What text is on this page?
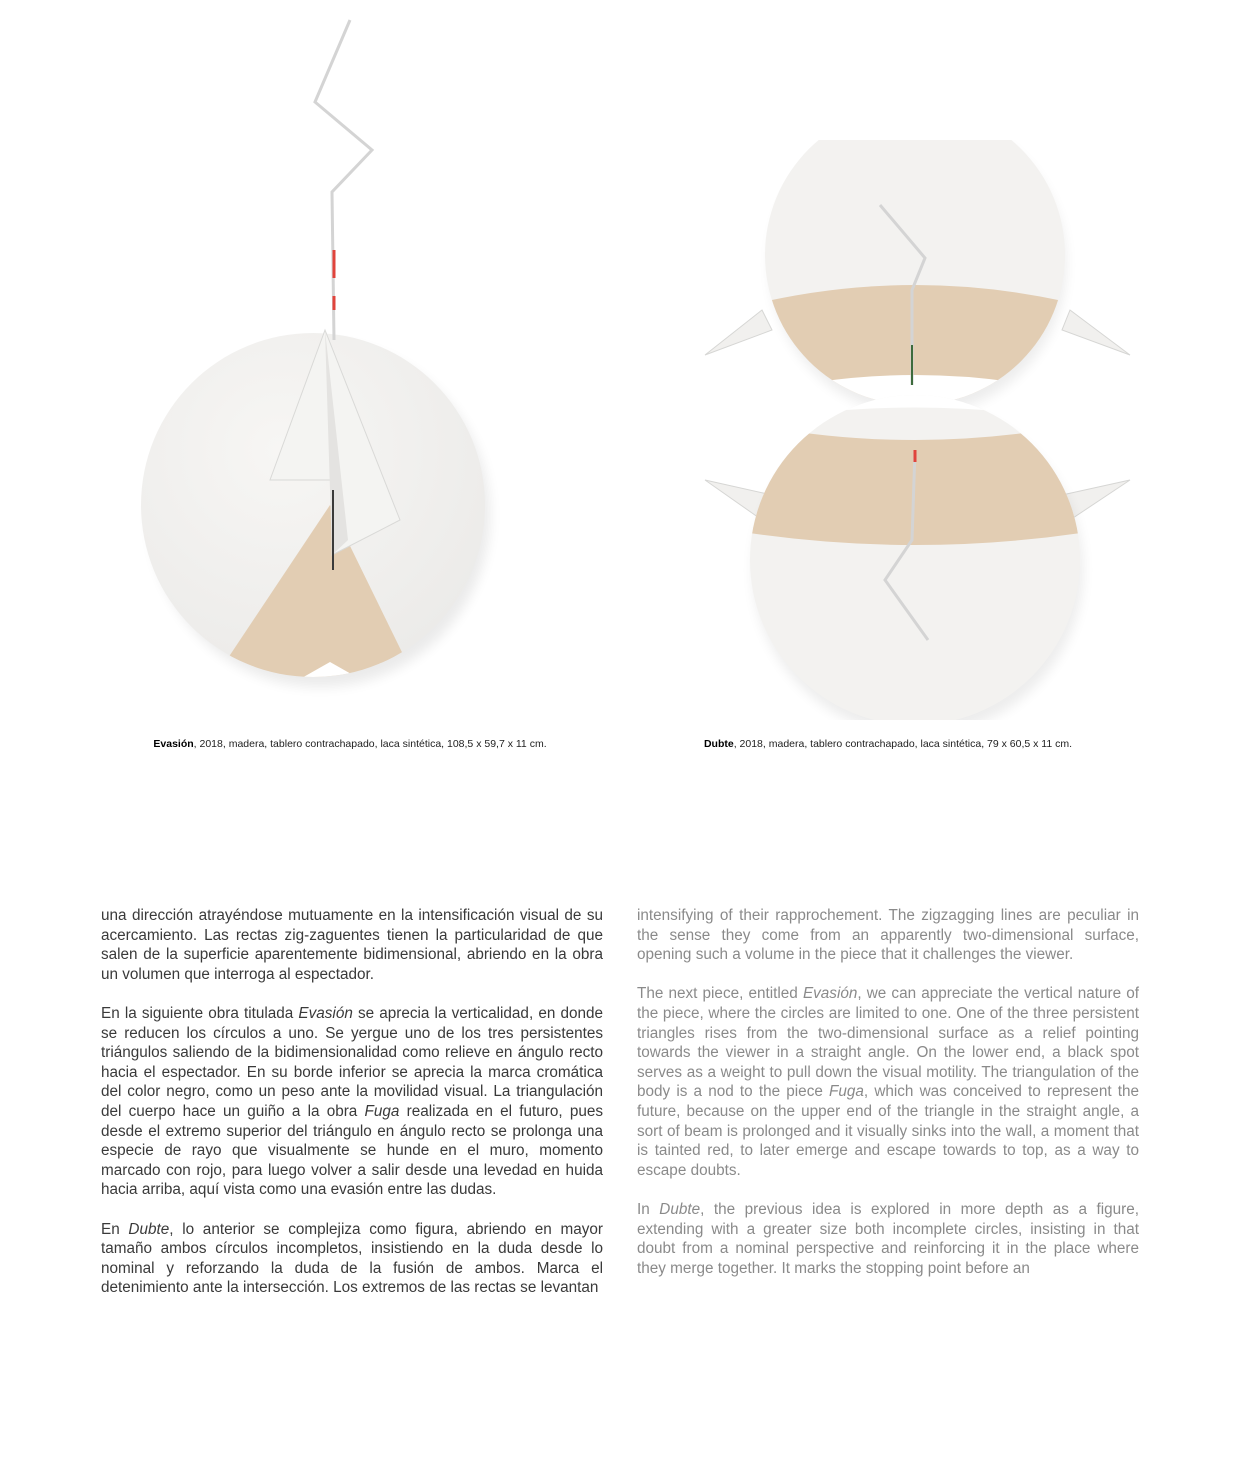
Evasión, 2018, madera, tablero contrachapado, laca sintética, 108,5 x 59,7 x 11 cm.	Dubte, 2018, madera, tablero contrachapado, laca sintética, 79 x 60,5 x 11 cm.

una dirección atrayéndose mutuamente en la intensificación visual de su acercamiento. Las rectas zig-zaguentes tienen la particularidad de que salen de la superficie aparentemente bidimensional, abriendo en la obra un volumen que interroga al espectador.

En la siguiente obra titulada Evasión se aprecia la verticalidad, en donde se reducen los círculos a uno. Se yergue uno de los tres persistentes triángulos saliendo de la bidimensionalidad como relieve en ángulo recto hacia el espectador. En su borde inferior se aprecia la marca cromática del color negro, como un peso ante la movilidad visual. La triangulación del cuerpo hace un guiño a la obra Fuga realizada en el futuro, pues desde el extremo superior del triángulo en ángulo recto se prolonga una especie de rayo que visualmente se hunde en el muro, momento marcado con rojo, para luego volver a salir desde una levedad en huida hacia arriba, aquí vista como una evasión entre las dudas.

En Dubte, lo anterior se complejiza como figura, abriendo en mayor tamaño ambos círculos incompletos, insistiendo en la duda desde lo nominal y reforzando la duda de la fusión de ambos. Marca el detenimiento ante la intersección. Los extremos de las rectas se levantan

intensifying of their rapprochement. The zigzagging lines are peculiar in the sense they come from an apparently two-dimensional surface, opening such a volume in the piece that it challenges the viewer.

The next piece, entitled Evasión, we can appreciate the vertical nature of the piece, where the circles are limited to one. One of the three persistent triangles rises from the two-dimensional surface as a relief pointing towards the viewer in a straight angle. On the lower end, a black spot serves as a weight to pull down the visual motility. The triangulation of the body is a nod to the piece Fuga, which was conceived to represent the future, because on the upper end of the triangle in the straight angle, a sort of beam is prolonged and it visually sinks into the wall, a moment that is tainted red, to later emerge and escape towards to top, as a way to escape doubts.

In Dubte, the previous idea is explored in more depth as a figure, extending with a greater size both incomplete circles, insisting in that doubt from a nominal perspective and reinforcing it in the place where they merge together. It marks the stopping point before an
